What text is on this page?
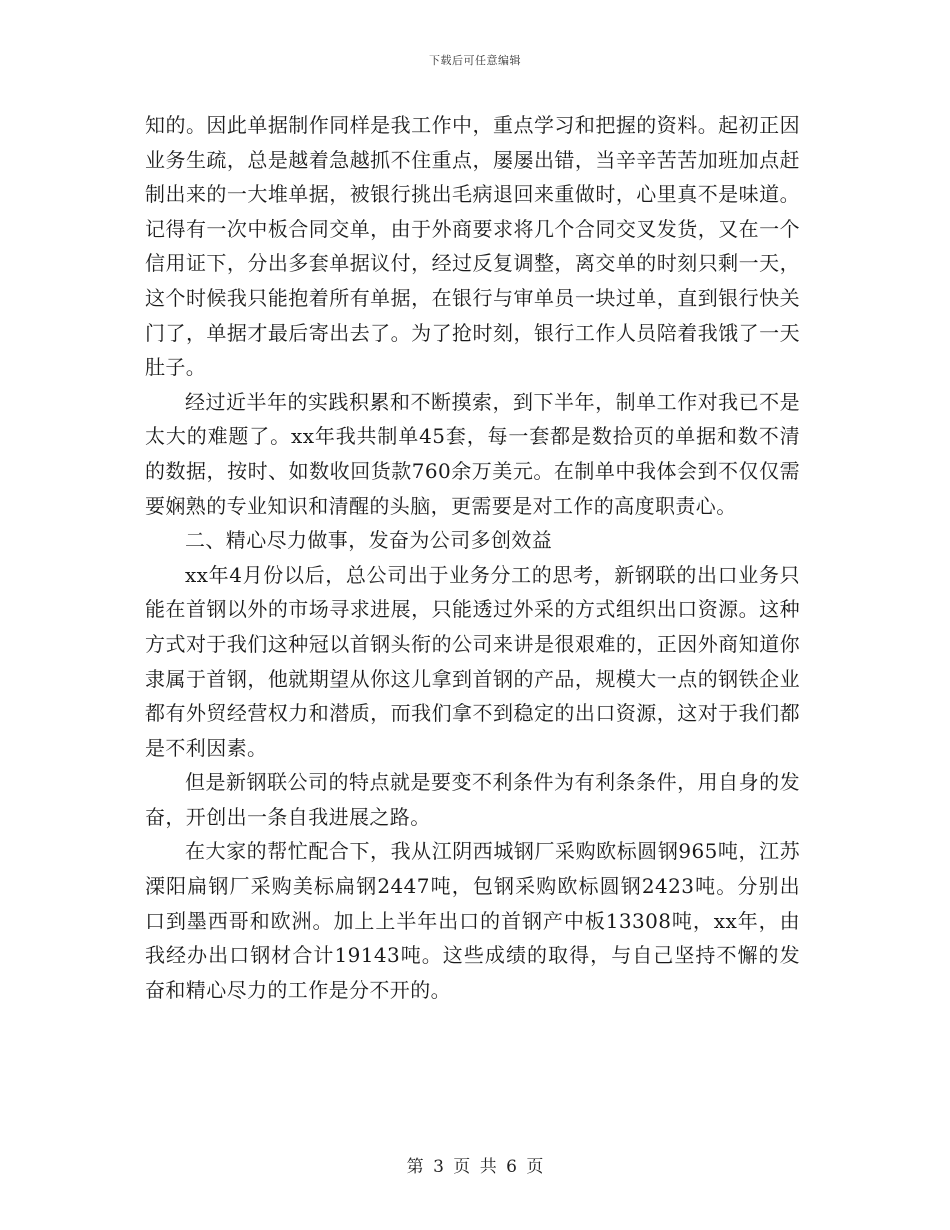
下载后可任意编辑

知的。因此单据制作同样是我工作中，重点学习和把握的资料。起初正因业务生疏，总是越着急越抓不住重点，屡屡出错，当辛辛苦苦加班加点赶制出来的一大堆单据，被银行挑出毛病退回来重做时，心里真不是味道。记得有一次中板合同交单，由于外商要求将几个合同交叉发货，又在一个信用证下，分出多套单据议付，经过反复调整，离交单的时刻只剩一天，这个时候我只能抱着所有单据，在银行与审单员一块过单，直到银行快关门了，单据才最后寄出去了。为了抢时刻，银行工作人员陪着我饿了一天肚子。

经过近半年的实践积累和不断摸索，到下半年，制单工作对我已不是太大的难题了。xx年我共制单45套，每一套都是数拾页的单据和数不清的数据，按时、如数收回货款760余万美元。在制单中我体会到不仅仅需要娴熟的专业知识和清醒的头脑，更需要是对工作的高度职责心。

二、精心尽力做事，发奋为公司多创效益

xx年4月份以后，总公司出于业务分工的思考，新钢联的出口业务只能在首钢以外的市场寻求进展，只能透过外采的方式组织出口资源。这种方式对于我们这种冠以首钢头衔的公司来讲是很艰难的，正因外商知道你隶属于首钢，他就期望从你这儿拿到首钢的产品，规模大一点的钢铁企业都有外贸经营权力和潜质，而我们拿不到稳定的出口资源，这对于我们都是不利因素。

但是新钢联公司的特点就是要变不利条件为有利条条件，用自身的发奋，开创出一条自我进展之路。

在大家的帮忙配合下，我从江阴西城钢厂采购欧标圆钢965吨，江苏溧阳扁钢厂采购美标扁钢2447吨，包钢采购欧标圆钢2423吨。分别出口到墨西哥和欧洲。加上上半年出口的首钢产中板13308吨，xx年，由我经办出口钢材合计19143吨。这些成绩的取得，与自己坚持不懈的发奋和精心尽力的工作是分不开的。

第 3 页 共 6 页
